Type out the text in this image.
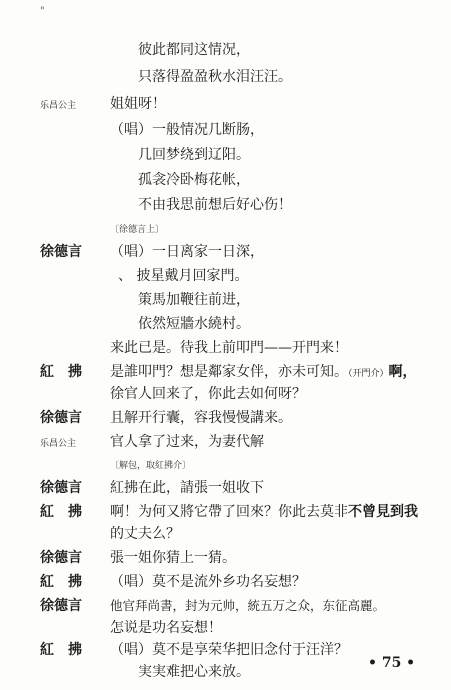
"
彼此都同这情况，
只落得盈盈秋水泪汪汪。
乐昌公主 姐姐呀！
（唱）一般情况几断肠，
几回梦绕到辽阳。
孤衾冷卧梅花帐，
不由我思前想后好心伤！
〔徐德言上〕
徐德言 （唱）一日离家一日深，
、 披星戴月回家門。
策馬加鞭往前进，
依然短牆水繞村。
来此已是。待我上前叩門——开門来！
紅　拂 是誰叩門？想是鄰家女伴，亦未可知。（开門介）啊，
徐官人回来了，你此去如何呀？
徐德言 且解开行囊，容我慢慢講来。
乐昌公主 官人拿了过来，为妻代解
〔解包，取紅拂介〕
徐德言 紅拂在此，請張一姐收下
紅　拂 啊！为何又將它帶了回來？你此去莫非不曾見到我
的丈夫么？
徐德言 張一姐你猜上一猜。
紅　拂 （唱）莫不是流外乡功名妄想？
徐德言 他官拜尚書，封为元帅，統五万之众，东征高麗。
怎说是功名妄想！
紅　拂 （唱）莫不是享荣华把旧念付于汪洋？
実実难把心来放。
• 75 •
